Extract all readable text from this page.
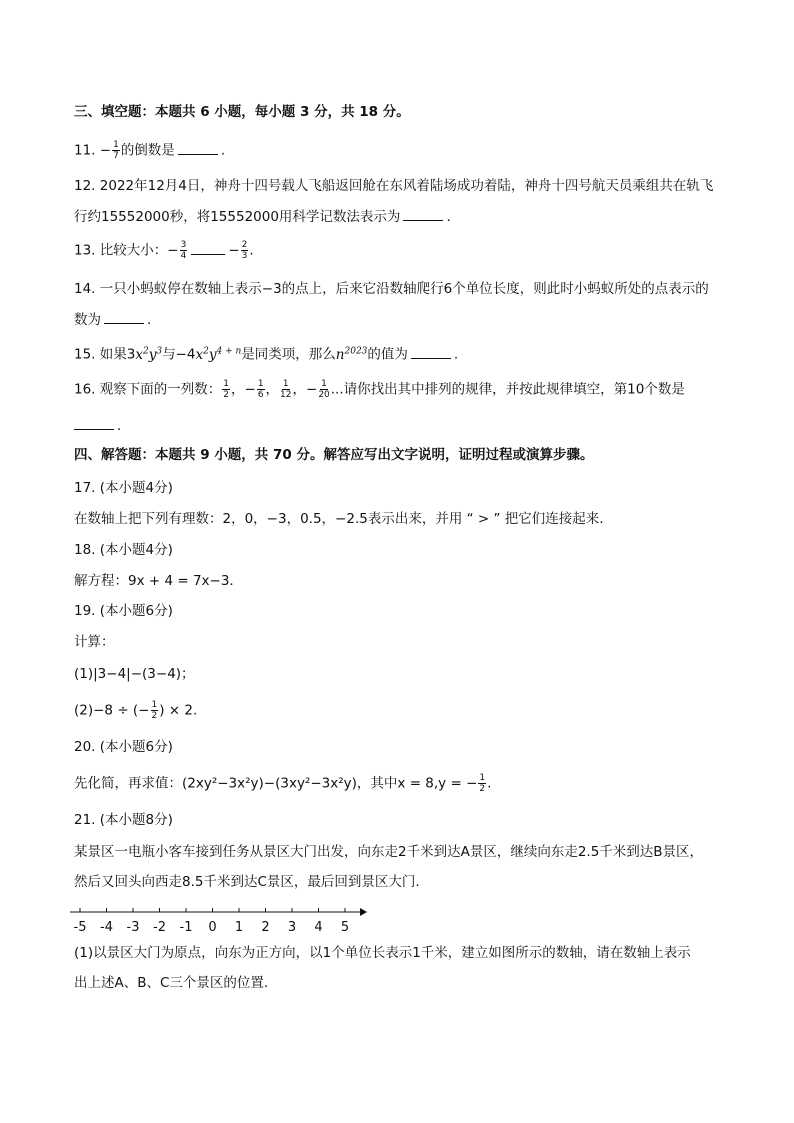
三、填空题：本题共 6 小题，每小题 3 分，共 18 分。
11. − $\frac{1}{7}$ 的倒数是	.
12. 2022年12月4日，神舟十四号载人飞船返回舱在东风着陆场成功着陆，神舟十四号航天员乘组共在轨飞
行约15552000秒，将15552000用科学记数法表示为	.
13. 比较大小：− $\frac{3}{4}$	− $\frac{2}{3}$ .
14. 一只小蚂蚁停在数轴上表示−3的点上，后来它沿数轴爬行6个单位长度，则此时小蚂蚁所处的点表示的
数为	.
15. 如果$3x^2y^3$与$-4x^2y^{4 + n}$是同类项，那么$n^{2023}$的值为	.
16. 观察下面的一列数： $\frac{1}{2}$ ，− $\frac{1}{6}$ ， $\frac{1}{12}$ ，− $\frac{1}{20}$ ...请你找出其中排列的规律，并按此规律填空，第10个数是
.
四、解答题：本题共 9 小题，共 70 分。解答应写出文字说明，证明过程或演算步骤。
17. (本小题4分)
在数轴上把下列有理数：2，0，−3，0.5，−2.5表示出来，并用 “ > ” 把它们连接起来.
18. (本小题4分)
解方程：9x + 4 = 7x−3.
19. (本小题6分)
计算：
(1)|3−4|−(3−4)；
(2)−8 ÷ (− $\frac{1}{2}$ ) × 2.
20. (本小题6分)
先化简，再求值：(2xy²−3x²y)−(3xy²−3x²y)，其中x = 8,y = − $\frac{1}{2}$ .
21. (本小题8分)
某景区一电瓶小客车接到任务从景区大门出发，向东走2千米到达A景区，继续向东走2.5千米到达B景区，
然后又回头向西走8.5千米到达C景区，最后回到景区大门.
-5 -4 -3 -2 -1 0 1 2 3 4 5
(1)以景区大门为原点，向东为正方向，以1个单位长表示1千米，建立如图所示的数轴，请在数轴上表示
出上述A、B、C三个景区的位置.
